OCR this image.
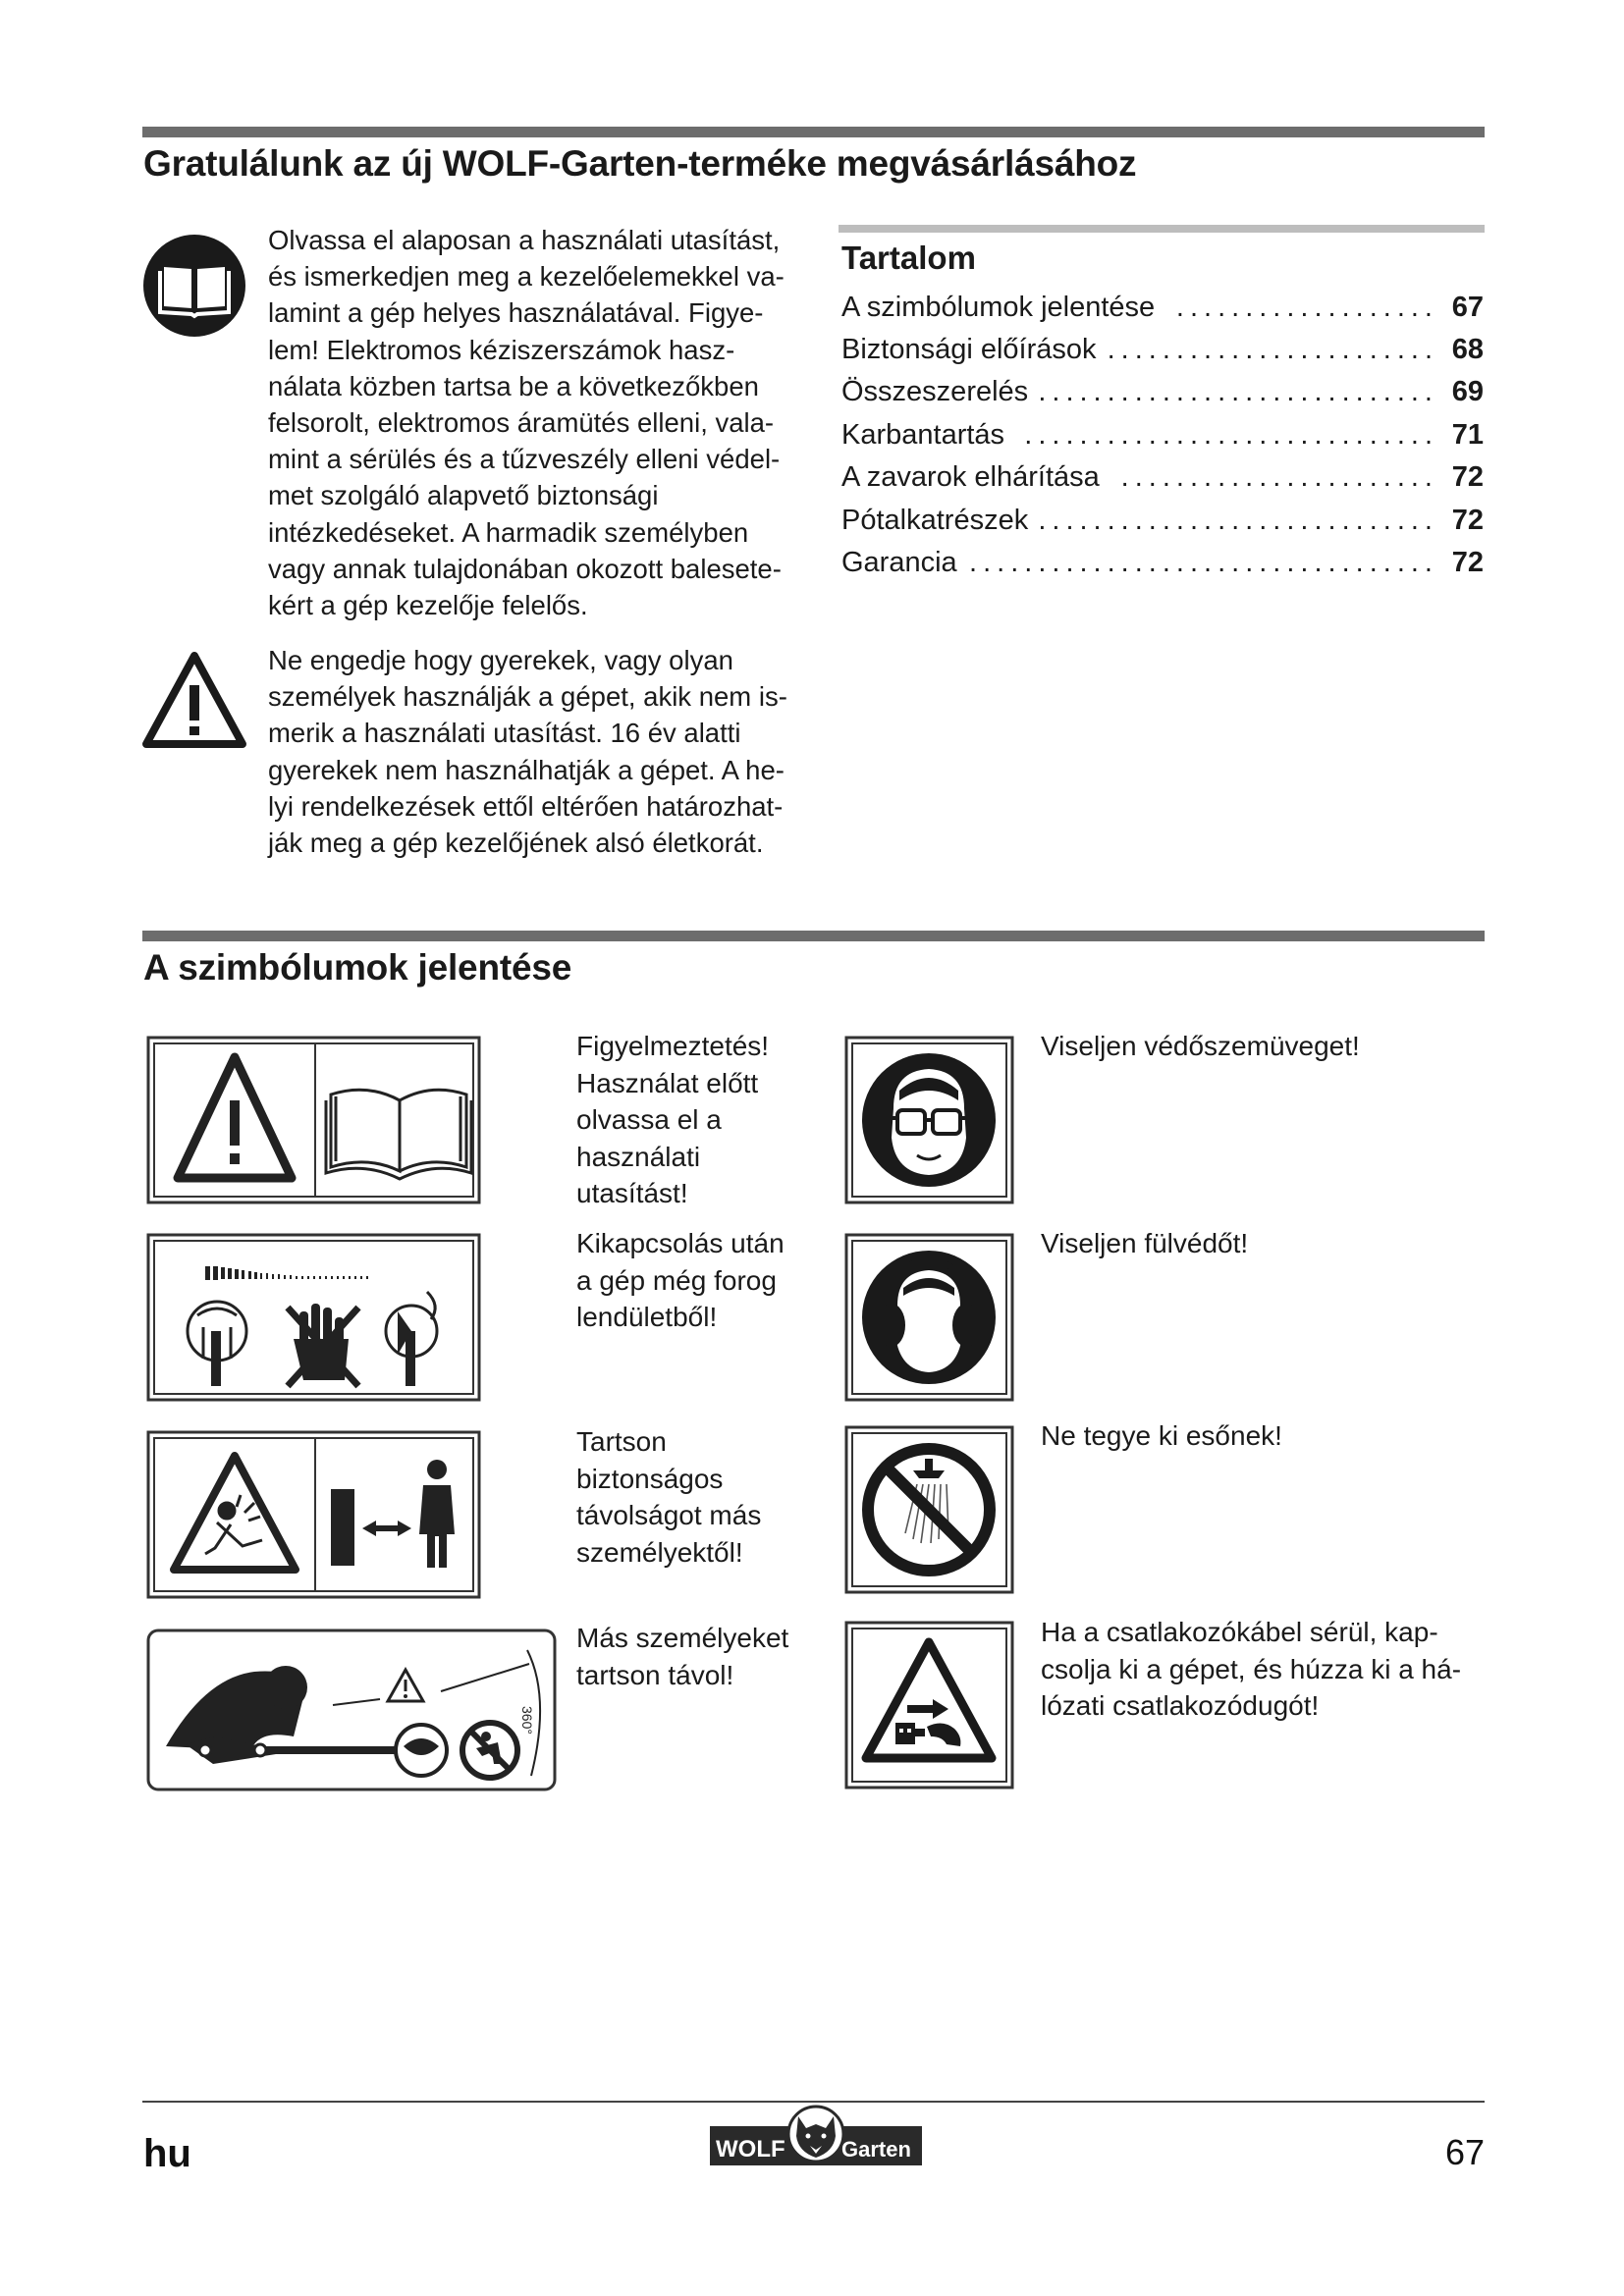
Gratulálunk az új WOLF-Garten-terméke megvásárlásához
Olvassa el alaposan a használati utasítást,
és ismerkedjen meg a kezelőelemekkel va-
lamint a gép helyes használatával. Figye-
lem! Elektromos kéziszerszámok hasz-
nálata közben tartsa be a következőkben
felsorolt, elektromos áramütés elleni, vala-
mint a sérülés és a tűzveszély elleni védel-
met szolgáló alapvető biztonsági
intézkedéseket. A harmadik személyben
vagy annak tulajdonában okozott balesete-
kért a gép kezelője felelős.
Ne engedje hogy gyerekek, vagy olyan
személyek használják a gépet, akik nem is-
merik a használati utasítást. 16 év alatti
gyerekek nem használhatják a gépet. A he-
lyi rendelkezések ettől eltérően határozhat-
ják meg a gép kezelőjének alsó életkorát.
Tartalom
A szimbólumok jelentése ................... 67
Biztonsági előírások ........................ 68
Összeszerelés ............................. 69
Karbantartás .............................. 71
A zavarok elhárítása ....................... 72
Pótalkatrészek ............................. 72
Garancia .................................. 72
A szimbólumok jelentése
Figyelmeztetés!
Használat előtt
olvassa el a
használati
utasítást!
Kikapcsolás után
a gép még forog
lendületből!
Tartson
biztonságos
távolságot más
személyektől!
360°
Más személyeket
tartson távol!
Viseljen védőszemüveget!
Viseljen fülvédőt!
Ne tegye ki esőnek!
Ha a csatlakozókábel sérül, kap-
csolja ki a gépet, és húzza ki a há-
lózati csatlakozódugót!
hu	WOLF	Garten	67
